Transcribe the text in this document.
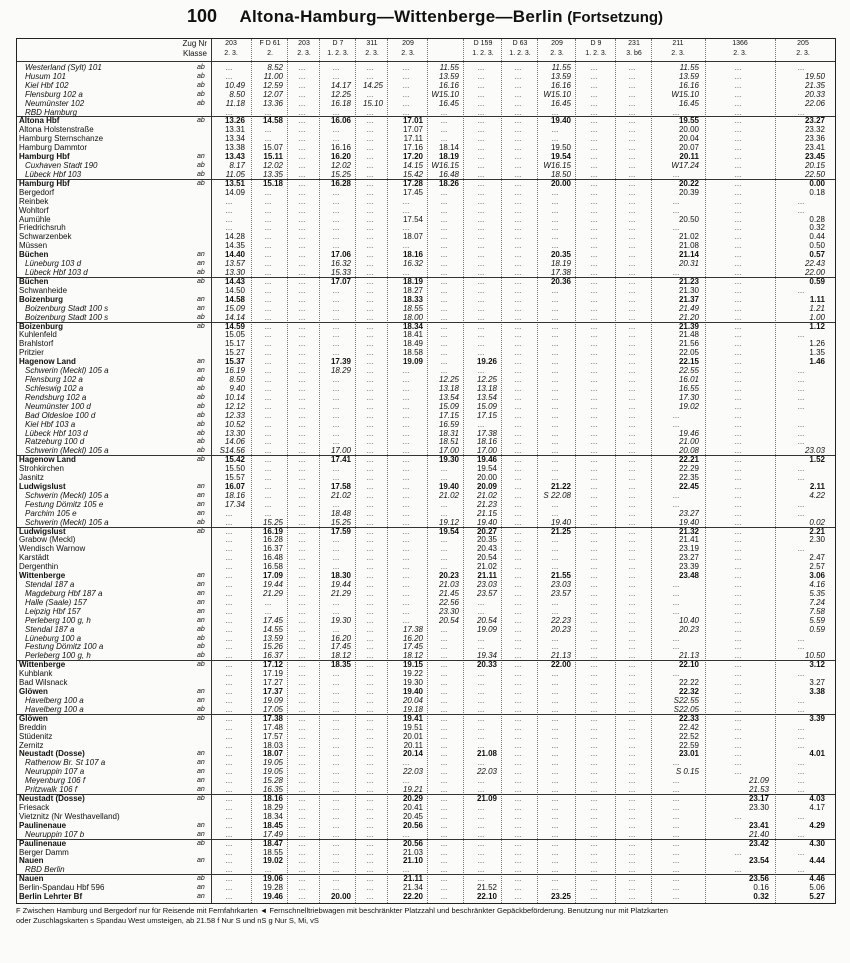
100 Altona-Hamburg—Wittenberge—Berlin (Fortsetzung)
Zug Nr	203	F D 61	203	D 7	311	209	D 159	D 63	209	D 9	231	211	1366	205
Klasse	2. 3.	2.	2. 3.	1. 2. 3.	2. 3.	2. 3.	1. 2. 3.	1. 2. 3.	2. 3.	1. 2. 3.	3. b6	2. 3.	2. 3.	2. 3.
Westerland (Sylt) 101	ab	...	8.52	...	...	...	...	11.55	...	...	11.55	...	...	11.55	...	...
Husum 101	ab	...	11.00	...	...	...	...	13.59	...	...	13.59	...	...	13.59	...	19.50
Kiel Hbf 102	ab	10.49	12.59	...	14.17	14.25	...	16.16	...	...	16.16	...	...	16.16	...	21.35
Flensburg 102 a	ab	8.50	12.07	...	12.25	...	...	W15.10	...	...	W15.10	...	...	W15.10	...	20.33
Neumünster 102	ab	11.18	13.36	...	16.18	15.10	...	16.45	...	...	16.45	...	...	16.45	...	22.06
RBD Hamburg	...	...	...	...	...	...	...	...	...	...	...	...	...	...	...
Altona Hbf	ab	13.26	14.58	...	16.06	...	17.01	...	...	...	19.40	...	...	19.55	...	23.27
Altona Holstenstraße	13.31	...	...	...	...	17.07	...	...	...	...	...	...	20.00	...	23.32
Hamburg Sternschanze	13.34	...	...	...	...	17.11	...	...	...	...	...	...	20.04	...	23.36
Hamburg Dammtor	13.38	15.07	...	16.16	...	17.16	18.14	...	...	19.50	...	...	20.07	...	23.41
Hamburg Hbf	an	13.43	15.11	...	16.20	...	17.20	18.19	...	...	19.54	...	...	20.11	...	23.45
Cuxhaven Stadt 190	ab	8.17	12.02	...	12.02	...	14.15	W16.15	...	...	W16.15	...	...	W17.24	...	20.15
Lübeck Hbf 103	ab	11.05	13.35	...	15.25	...	15.42	16.48	...	...	18.50	...	...	...	...	22.50
Hamburg Hbf	ab	13.51	15.18	...	16.28	...	17.28	18.26	...	...	20.00	...	...	20.22	...	0.00
Bergedorf	14.09	...	...	...	...	17.45	...	...	...	...	...	...	20.39	...	0.18
Reinbek	...	...	...	...	...	...	...	...	...	...	...	...	...	...	...
Wohltorf	...	...	...	...	...	...	...	...	...	...	...	...	...	...	...
Aumühle	...	...	...	...	...	17.54	...	...	...	...	...	...	20.50	...	0.28
Friedrichsruh	...	...	...	...	...	...	...	...	...	...	...	...	...	...	0.32
Schwarzenbek	14.28	...	...	...	...	18.07	...	...	...	...	...	...	21.02	...	0.44
Müssen	14.35	...	...	...	...	...	...	...	...	...	...	...	21.08	...	0.50
Büchen	an	14.40	...	...	17.06	...	18.16	...	...	...	20.35	...	...	21.14	...	0.57
Lüneburg 103 d	an	13.57	...	...	16.32	...	16.32	...	...	...	18.19	...	...	20.31	...	22.43
Lübeck Hbf 103 d	ab	13.30	...	...	15.33	...	...	...	...	...	17.38	...	...	...	...	22.00
Büchen	ab	14.43	...	...	17.07	...	18.19	...	...	...	20.36	...	...	21.23	...	0.59
Schwanheide	14.50	...	...	...	...	18.27	...	...	...	...	...	...	21.30	...	...
Boizenburg	an	14.58	...	...	...	...	18.33	...	...	...	...	...	...	21.37	...	1.11
Boizenburg Stadt 100 s	an	15.09	...	...	...	...	18.55	...	...	...	...	...	...	21.49	...	1.21
Boizenburg Stadt 100 s	ab	14.14	...	...	...	...	18.00	...	...	...	...	...	...	21.20	...	1.00
Boizenburg	ab	14.59	...	...	...	...	18.34	...	...	...	...	...	...	21.39	...	1.12
Kuhlenfeld	15.05	...	...	...	...	18.41	...	...	...	...	...	...	21.48	...	...
Brahlstorf	15.17	...	...	...	...	18.49	...	...	...	...	...	...	21.56	...	1.26
Pritzier	15.27	...	...	...	...	18.58	...	...	...	...	...	...	22.05	...	1.35
Hagenow Land	an	15.37	...	...	17.39	...	19.09	...	19.26	...	...	...	...	22.15	...	1.46
Schwerin (Meckl) 105 a	an	16.19	...	...	18.29	...	...	...	...	...	...	...	...	22.55	...	...
Flensburg 102 a	ab	8.50	...	...	...	...	...	12.25	12.25	...	...	...	...	16.01	...	...
Schleswig 102 a	ab	9.40	...	...	...	...	...	13.18	13.18	...	...	...	...	16.55	...	...
Rendsburg 102 a	ab	10.14	...	...	...	...	...	13.54	13.54	...	...	...	...	17.30	...	...
Neumünster 100 d	ab	12.12	...	...	...	...	...	15.09	15.09	...	...	...	...	19.02	...	...
Bad Oldesloe 100 d	ab	12.33	...	...	...	...	...	17.15	17.15	...	...	...	...	...	...
Kiel Hbf 103 a	ab	10.52	...	...	...	...	...	16.59	...	...	...	...	...	...	...	...
Lübeck Hbf 103 d	ab	13.30	...	...	...	...	...	18.31	17.38	...	...	...	...	19.46	...	...
Ratzeburg 100 d	ab	14.06	...	...	...	...	...	18.51	18.16	...	...	...	...	21.00	...	...
Schwerin (Meckl) 105 a	ab	S14.56	...	...	17.00	...	...	17.00	17.00	...	...	...	...	20.08	...	23.03
Hagenow Land	ab	15.42	...	...	17.41	...	...	19.30	19.46	...	...	...	...	22.21	...	1.52
Strohkirchen	15.50	...	...	...	...	...	...	19.54	...	...	...	...	22.29	...	...
Jasnitz	15.57	...	...	...	...	...	...	20.00	...	...	...	...	22.35	...	...
Ludwigslust	an	16.07	...	...	17.58	...	...	19.40	20.09	...	21.22	...	...	22.45	...	2.11
Schwerin (Meckl) 105 a	an	18.16	...	...	21.02	...	...	21.02	21.02	...	S 22.08	...	...	...	...	4.22
Festung Dömitz 105 e	an	17.34	...	...	...	...	...	...	21.23	...	...	...	...	...	...	...
Parchim 105 e	an	...	...	...	18.48	...	...	...	21.15	...	...	...	...	23.27	...	...
Schwerin (Meckl) 105 a	ab	...	15.25	...	15.25	...	...	19.12	19.40	...	19.40	...	...	19.40	...	0.02
Ludwigslust	ab	...	16.19	...	17.59	...	...	19.54	20.27	...	21.25	...	...	21.32	...	2.21
Grabow (Meckl)	...	16.28	...	...	...	...	...	20.35	...	...	...	...	21.41	...	2.30
Wendisch Warnow	...	16.37	...	...	...	...	...	20.43	...	...	...	...	23.19	...	...
Karstädt	...	16.48	...	...	...	...	...	20.54	...	...	...	...	23.27	...	2.47
Dergenthin	...	16.58	...	...	...	...	...	21.02	...	...	...	...	23.39	...	2.57
Wittenberge	an	...	17.09	...	18.30	...	...	20.23	21.11	...	21.55	...	...	23.48	...	3.06
Stendal 187 a	an	...	19.44	...	19.44	...	...	21.03	23.03	...	23.03	...	...	...	...	4.16
Magdeburg Hbf 187 a	an	...	21.29	...	21.29	...	...	21.45	23.57	...	23.57	...	...	...	...	5.35
Halle (Saale) 157	an	...	...	...	...	...	...	22.56	...	...	...	...	...	...	...	7.24
Leipzig Hbf 157	an	...	...	...	...	...	...	23.30	...	...	...	...	...	...	...	7.58
Perleberg 100 g, h	an	...	17.45	...	19.30	...	...	20.54	20.54	...	22.23	...	...	10.40	...	5.59
Stendal 187 a	ab	...	14.55	...	...	...	17.38	...	19.09	...	20.23	...	...	20.23	...	0.59
Lüneburg 100 a	ab	...	13.59	...	16.20	...	16.20	...	...	...	...	...	...	...	...	...
Festung Dömitz 100 a	ab	...	15.26	...	17.45	...	17.45	...	...	...	...	...	...	...	...	...
Perleberg 100 g, h	ab	...	16.37	...	18.12	...	18.12	...	19.34	...	21.13	...	...	21.13	...	10.50
Wittenberge	ab	...	17.12	...	18.35	...	19.15	...	20.33	...	22.00	...	...	22.10	...	3.12
Kuhblank	...	17.19	...	...	...	19.22	...	...	...	...	...	...	...	...	...
Bad Wilsnack	...	17.27	...	...	...	19.30	...	...	...	...	...	...	22.22	...	3.27
Glöwen	an	...	17.37	...	...	...	19.40	...	...	...	...	...	...	22.32	...	3.38
Havelberg 100 a	an	...	19.09	...	...	...	20.04	...	...	...	...	...	...	S22.55	...	...
Havelberg 100 a	ab	...	17.05	...	...	...	19.18	...	...	...	...	...	...	S22.05	...	...
Glöwen	ab	...	17.38	...	...	...	19.41	...	...	...	...	...	...	22.33	...	3.39
Breddin	...	17.48	...	...	...	19.51	...	...	...	...	...	...	22.42	...	...
Stüdenitz	...	17.57	...	...	...	20.01	...	...	...	...	...	...	22.52	...	...
Zernitz	...	18.03	...	...	...	20.11	...	...	...	...	...	...	22.59	...	...
Neustadt (Dosse)	an	...	18.07	...	...	...	20.14	...	21.08	...	...	...	...	23.01	...	4.01
Rathenow Br. St 107 a	an	...	19.05	...	...	...	...	...	...	...	...	...	...	...	...	...
Neuruppin 107 a	an	...	19.05	...	...	...	22.03	...	22.03	...	...	...	...	S 0.15	...	...
Meyenburg 106 f	an	...	15.28	...	...	...	...	...	...	...	...	...	...	...	21.09	...
Pritzwalk 106 f	an	...	16.35	...	...	...	19.21	...	...	...	...	...	...	...	21.53	...
Neustadt (Dosse)	ab	...	18.16	...	...	...	20.29	...	21.09	...	...	...	...	...	23.17	4.03
Friesack	...	18.29	...	...	...	20.41	...	...	...	...	...	...	...	23.30	4.17
Vietznitz (Nr Westhavelland)	...	18.34	...	...	...	20.45	...	...	...	...	...	...	...	...	...
Paulinenaue	an	...	18.45	...	...	...	20.56	...	...	...	...	...	...	...	23.41	4.29
Neuruppin 107 b	an	...	17.49	...	...	...	...	...	...	...	...	...	...	...	21.40	...
Paulinenaue	ab	...	18.47	...	...	...	20.56	...	...	...	...	...	...	...	23.42	4.30
Berger Damm	...	18.55	...	...	...	21.03	...	...	...	...	...	...	...	...	...
Nauen	an	...	19.02	...	...	...	21.10	...	...	...	...	...	...	...	23.54	4.44
RBD Berlin	...	...	...	...	...	...	...	...	...	...	...	...	...	...	...
Nauen	ab	...	19.06	...	...	...	21.11	...	...	...	...	...	...	...	23.56	4.46
Berlin-Spandau Hbf 596	an	...	19.28	...	...	...	21.34	...	21.52	...	...	...	...	...	0.16	5.06
Berlin Lehrter Bf	an	...	19.46	...	20.00	...	22.20	...	22.10	...	23.25	...	...	...	0.32	5.27
F Zwischen Hamburg und Bergedorf nur für Reisende mit Fernfahrkarten ◄ Fernschnelltriebwagen mit beschränkter Platzzahl und beschränkter Gepäckbeförderung. Benutzung nur mit Platzkarten
oder Zuschlagskarten s Spandau West umsteigen, ab 21.58 f Nur S und nS g Nur S, Mi, vS
